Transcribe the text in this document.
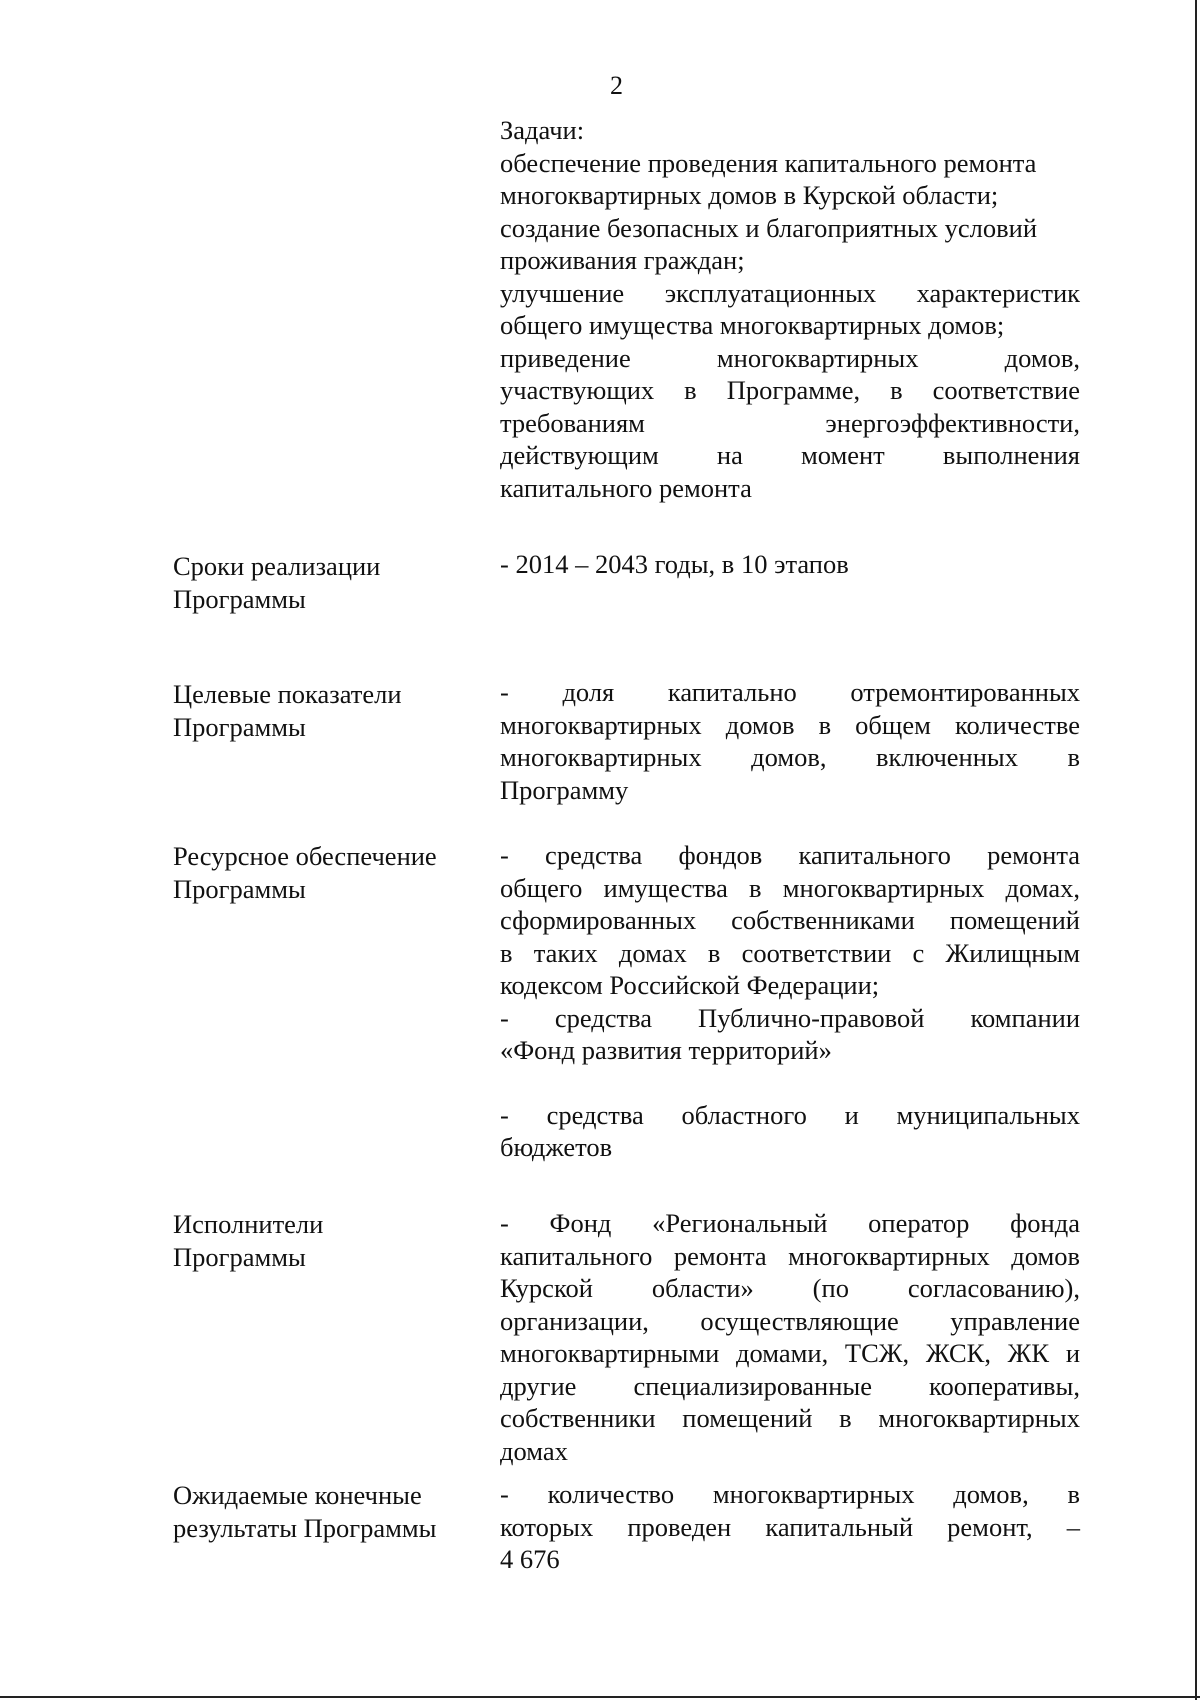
2
Задачи:
обеспечение проведения капитального ремонта
многоквартирных домов в Курской области;
создание безопасных и благоприятных условий
проживания граждан;
улучшение эксплуатационных характеристик
общего имущества многоквартирных домов;
приведение многоквартирных домов,
участвующих в Программе, в соответствие
требованиям энергоэффективности,
действующим на момент выполнения
капитального ремонта
Сроки реализации
Программы
- 2014 – 2043 годы, в 10 этапов
Целевые показатели
Программы
- доля капитально отремонтированных
многоквартирных домов в общем количестве
многоквартирных домов, включенных в
Программу
Ресурсное обеспечение
Программы
- средства фондов капитального ремонта
общего имущества в многоквартирных домах,
сформированных собственниками помещений
в таких домах в соответствии с Жилищным
кодексом Российской Федерации;
- средства Публично-правовой компании
«Фонд развития территорий»
- средства областного и муниципальных
бюджетов
Исполнители
Программы
- Фонд «Региональный оператор фонда
капитального ремонта многоквартирных домов
Курской области» (по согласованию),
организации, осуществляющие управление
многоквартирными домами, ТСЖ, ЖСК, ЖК и
другие специализированные кооперативы,
собственники помещений в многоквартирных
домах
Ожидаемые конечные
результаты Программы
- количество многоквартирных домов, в
которых проведен капитальный ремонт, –
4 676
